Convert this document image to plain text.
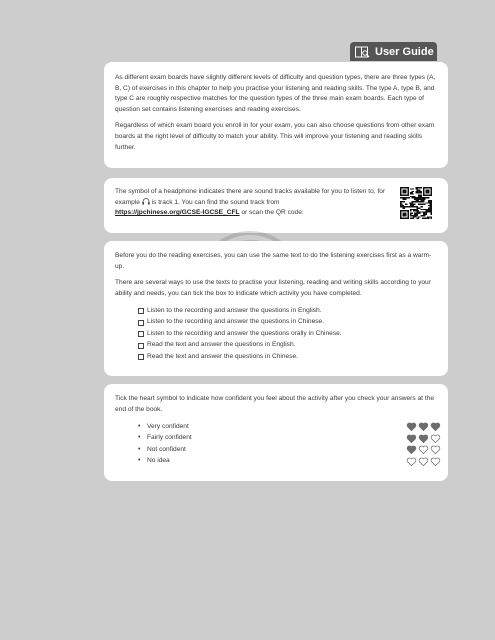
User Guide

As different exam boards have slightly different levels of difficulty and question types, there are three types (A, B, C) of exercises in this chapter to help you practise your listening and reading skills. The type A, type B, and type C are roughly respective matches for the question types of the three main exam boards. Each type of question set contains listening exercises and reading exercises.

Regardless of which exam board you enroll in for your exam, you can also choose questions from other exam boards at the right level of difficulty to match your ability. This will improve your listening and reading skills further.

The symbol of a headphone indicates there are sound tracks available for you to listen to, for example  is track 1. You can find the sound track from
https://jpchinese.org/GCSE-IGCSE_CFL or scan the QR code:

Before you do the reading exercises, you can use the same text to do the listening exercises first as a warm-up.

There are several ways to use the texts to practise your listening, reading and writing skills according to your ability and needs, you can tick the box to indicate which activity you have completed.

Listen to the recording and answer the questions in English.
Listen to the recording and answer the questions in Chinese.
Listen to the recording and answer the questions orally in Chinese.
Read the text and answer the questions in English.
Read the text and answer the questions in Chinese.

Tick the heart symbol to indicate how confident you feel about the activity after you check your answers at the end of the book.

• Very confident
• Fairly confident
• Not confident
• No idea
